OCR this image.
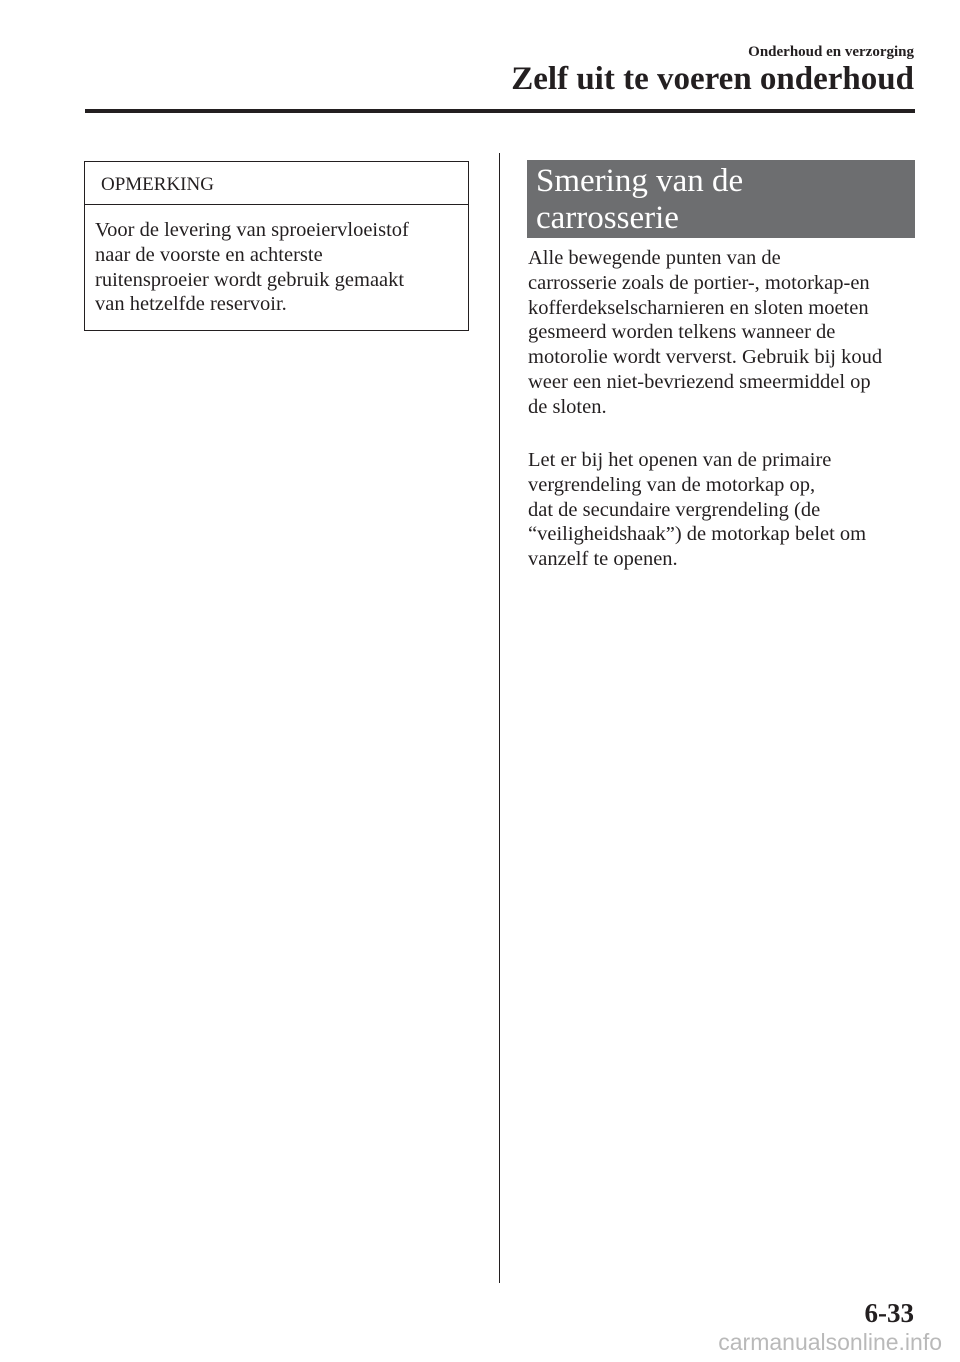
Onderhoud en verzorging
Zelf uit te voeren onderhoud
OPMERKING
Voor de levering van sproeiervloeistof
naar de voorste en achterste
ruitensproeier wordt gebruik gemaakt
van hetzelfde reservoir.
Smering van de
carrosserie
Alle bewegende punten van de
carrosserie zoals de portier-, motorkap-en
kofferdekselscharnieren en sloten moeten
gesmeerd worden telkens wanneer de
motorolie wordt ververst. Gebruik bij koud
weer een niet-bevriezend smeermiddel op
de sloten.
Let er bij het openen van de primaire
vergrendeling van de motorkap op,
dat de secundaire vergrendeling (de
“veiligheidshaak”) de motorkap belet om
vanzelf te openen.
6-33
carmanualsonline.info
